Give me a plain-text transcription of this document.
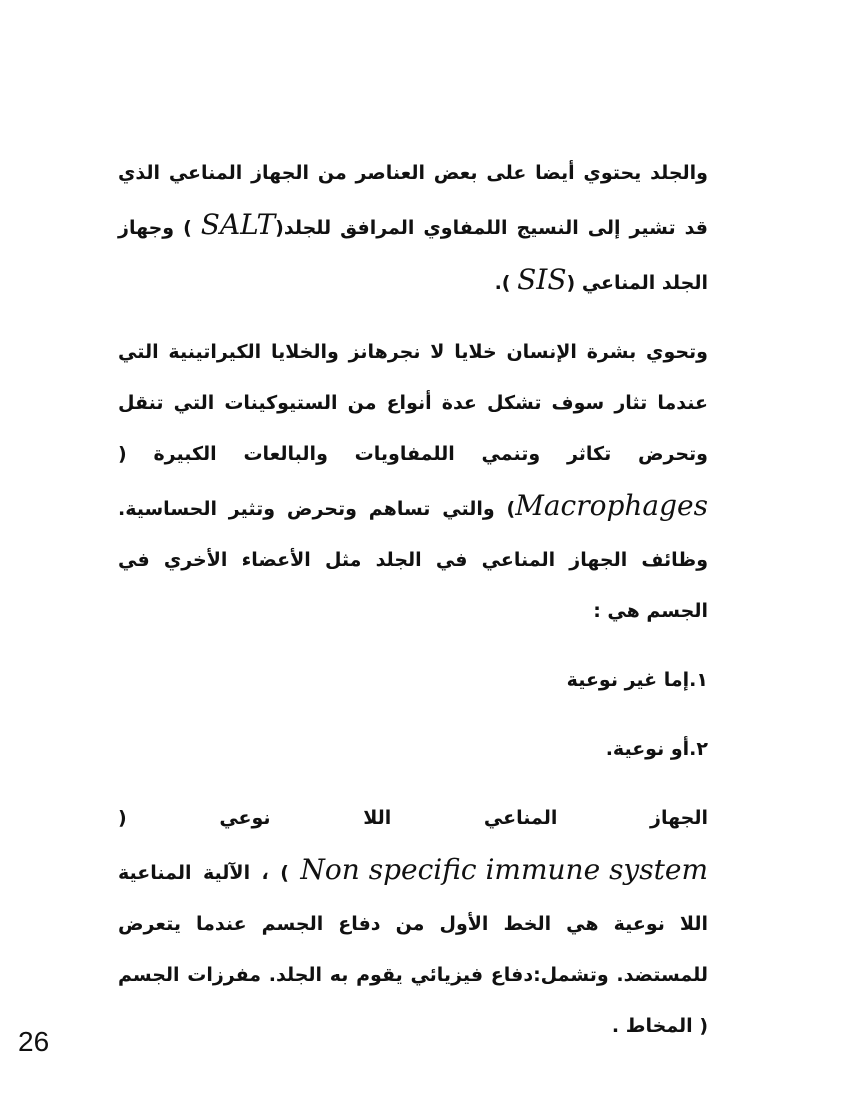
والجلد يحتوي أيضا على بعض العناصر من الجهاز المناعي الذي قد تشير إلى النسيج اللمفاوي المرافق للجلد(SALT ) وجهاز الجلد المناعي (SIS ).

وتحوي بشرة الإنسان خلايا لا نجرهانز والخلايا الكيراتينية التي عندما تثار سوف تشكل عدة أنواع من الستيوكينات التي تنقل وتحرض تكاثر وتنمي اللمفاويات والبالعات الكبيرة (Macrophages) والتي تساهم وتحرض وتثير الحساسية. وظائف الجهاز المناعي في الجلد مثل الأعضاء الأخري في الجسم هي :

١.إما غير نوعية

٢.أو نوعية.

الجهاز المناعي اللا نوعي (Non specific immune system ) ، الآلية المناعية اللا نوعية هي الخط الأول من دفاع الجسم عندما يتعرض للمستضد. وتشمل:دفاع فيزيائي يقوم به الجلد. مفرزات الجسم ( المخاط .

26
